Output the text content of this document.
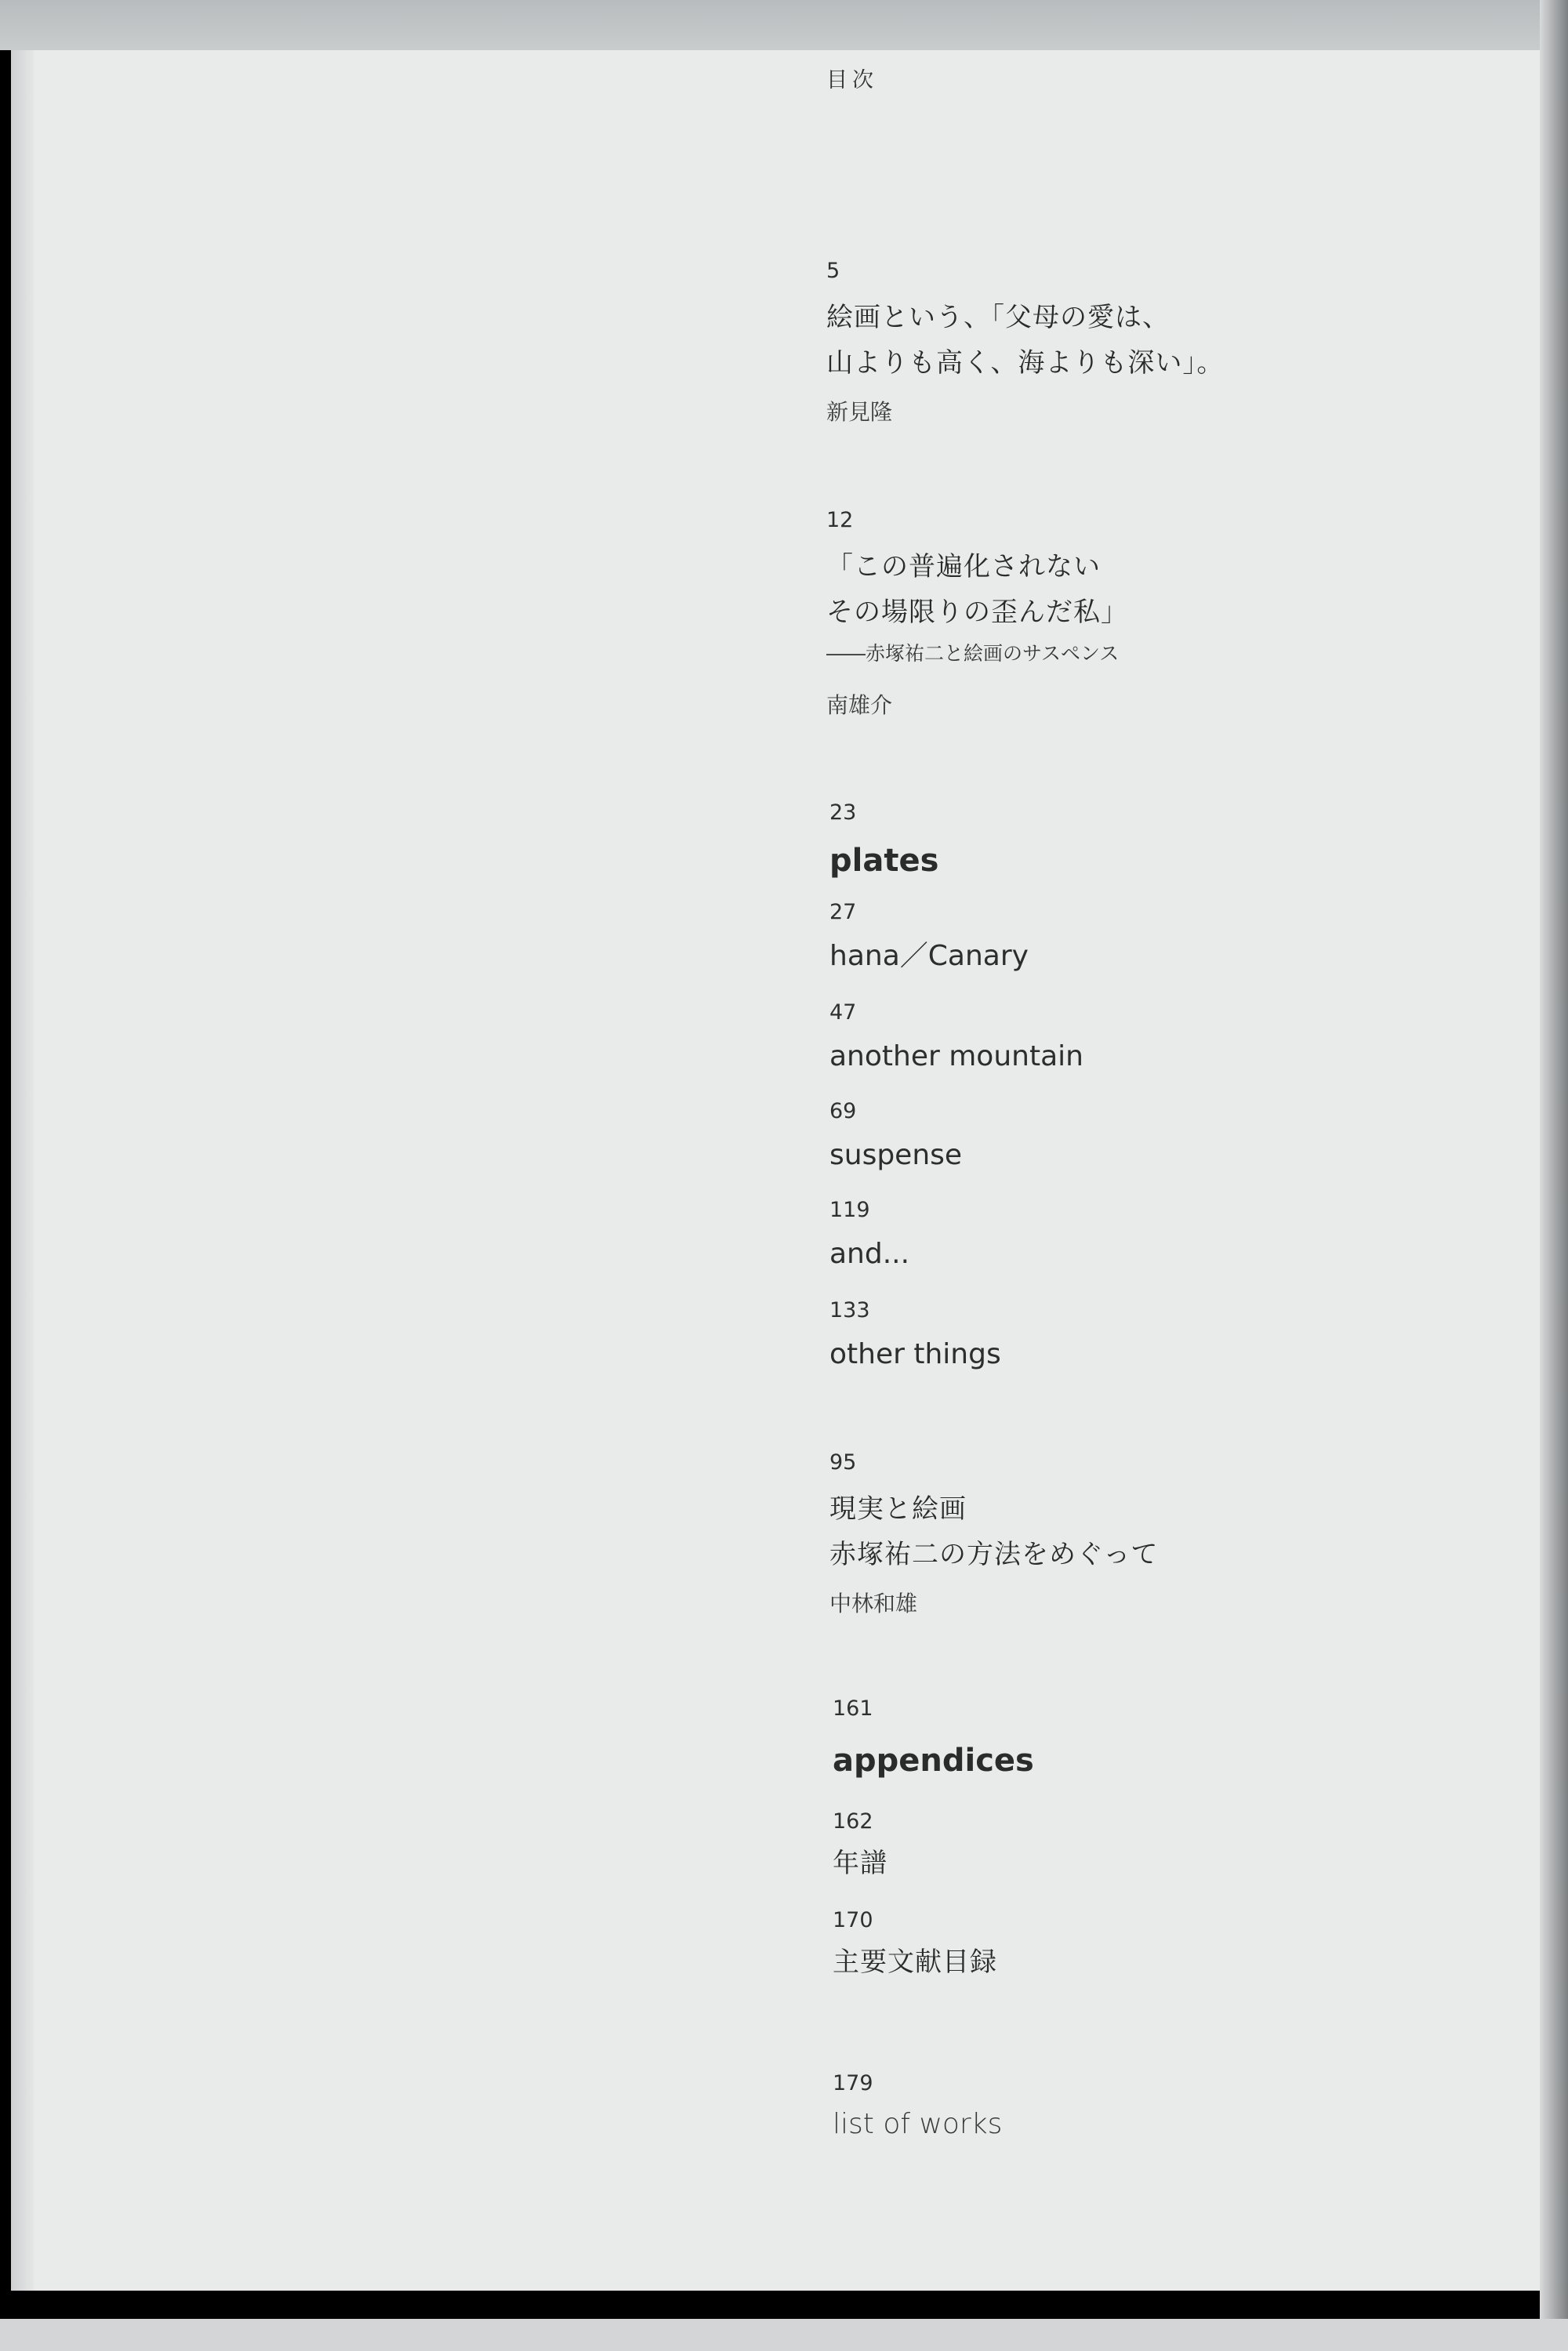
目次
5
絵画という、「父母の愛は、
山よりも高く、海よりも深い」。
新見隆
12
「この普遍化されない
その場限りの歪んだ私」
――赤塚祐二と絵画のサスペンス
南雄介
23
plates
27
hana／Canary
47
another mountain
69
suspense
119
and...
133
other things
95
現実と絵画
赤塚祐二の方法をめぐって
中林和雄
161
appendices
162
年譜
170
主要文献目録
179
list of works
